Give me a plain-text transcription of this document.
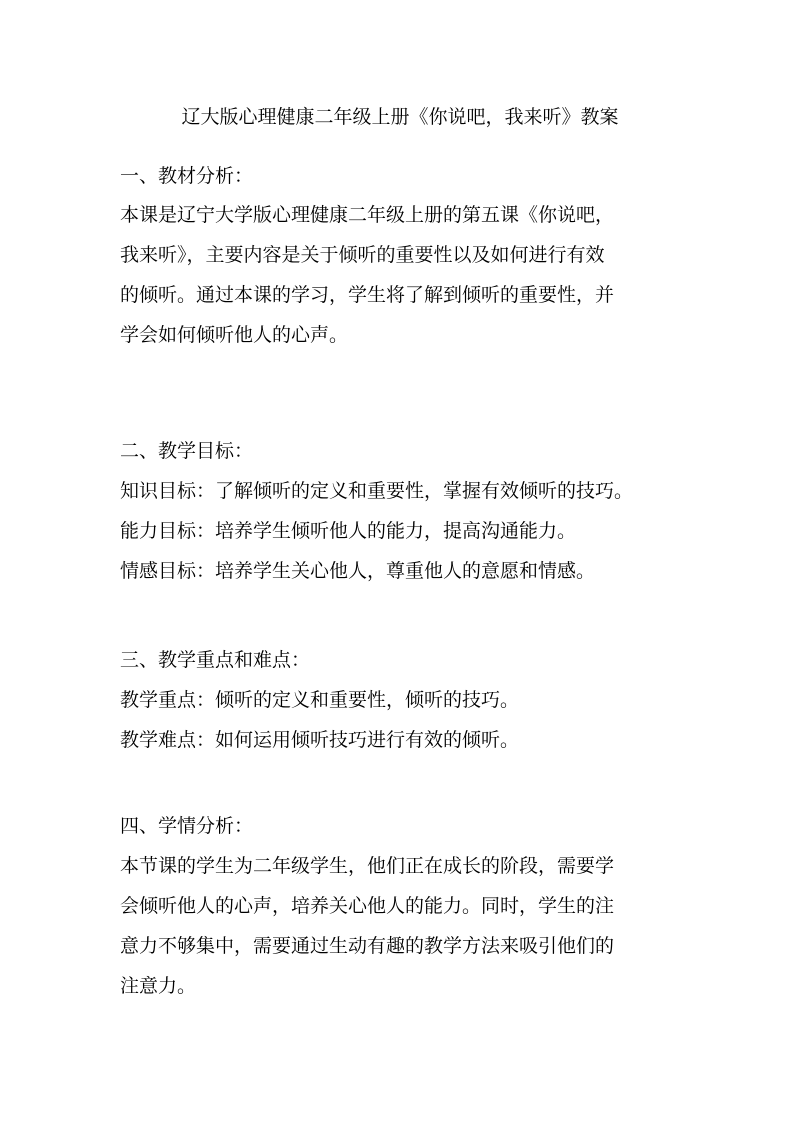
辽大版心理健康二年级上册《你说吧，我来听》教案
一、教材分析：
本课是辽宁大学版心理健康二年级上册的第五课《你说吧，
我来听》，主要内容是关于倾听的重要性以及如何进行有效
的倾听。通过本课的学习，学生将了解到倾听的重要性，并
学会如何倾听他人的心声。
二、教学目标：
知识目标：了解倾听的定义和重要性，掌握有效倾听的技巧。
能力目标：培养学生倾听他人的能力，提高沟通能力。
情感目标：培养学生关心他人，尊重他人的意愿和情感。
三、教学重点和难点：
教学重点：倾听的定义和重要性，倾听的技巧。
教学难点：如何运用倾听技巧进行有效的倾听。
四、学情分析：
本节课的学生为二年级学生，他们正在成长的阶段，需要学
会倾听他人的心声，培养关心他人的能力。同时，学生的注
意力不够集中，需要通过生动有趣的教学方法来吸引他们的
注意力。
